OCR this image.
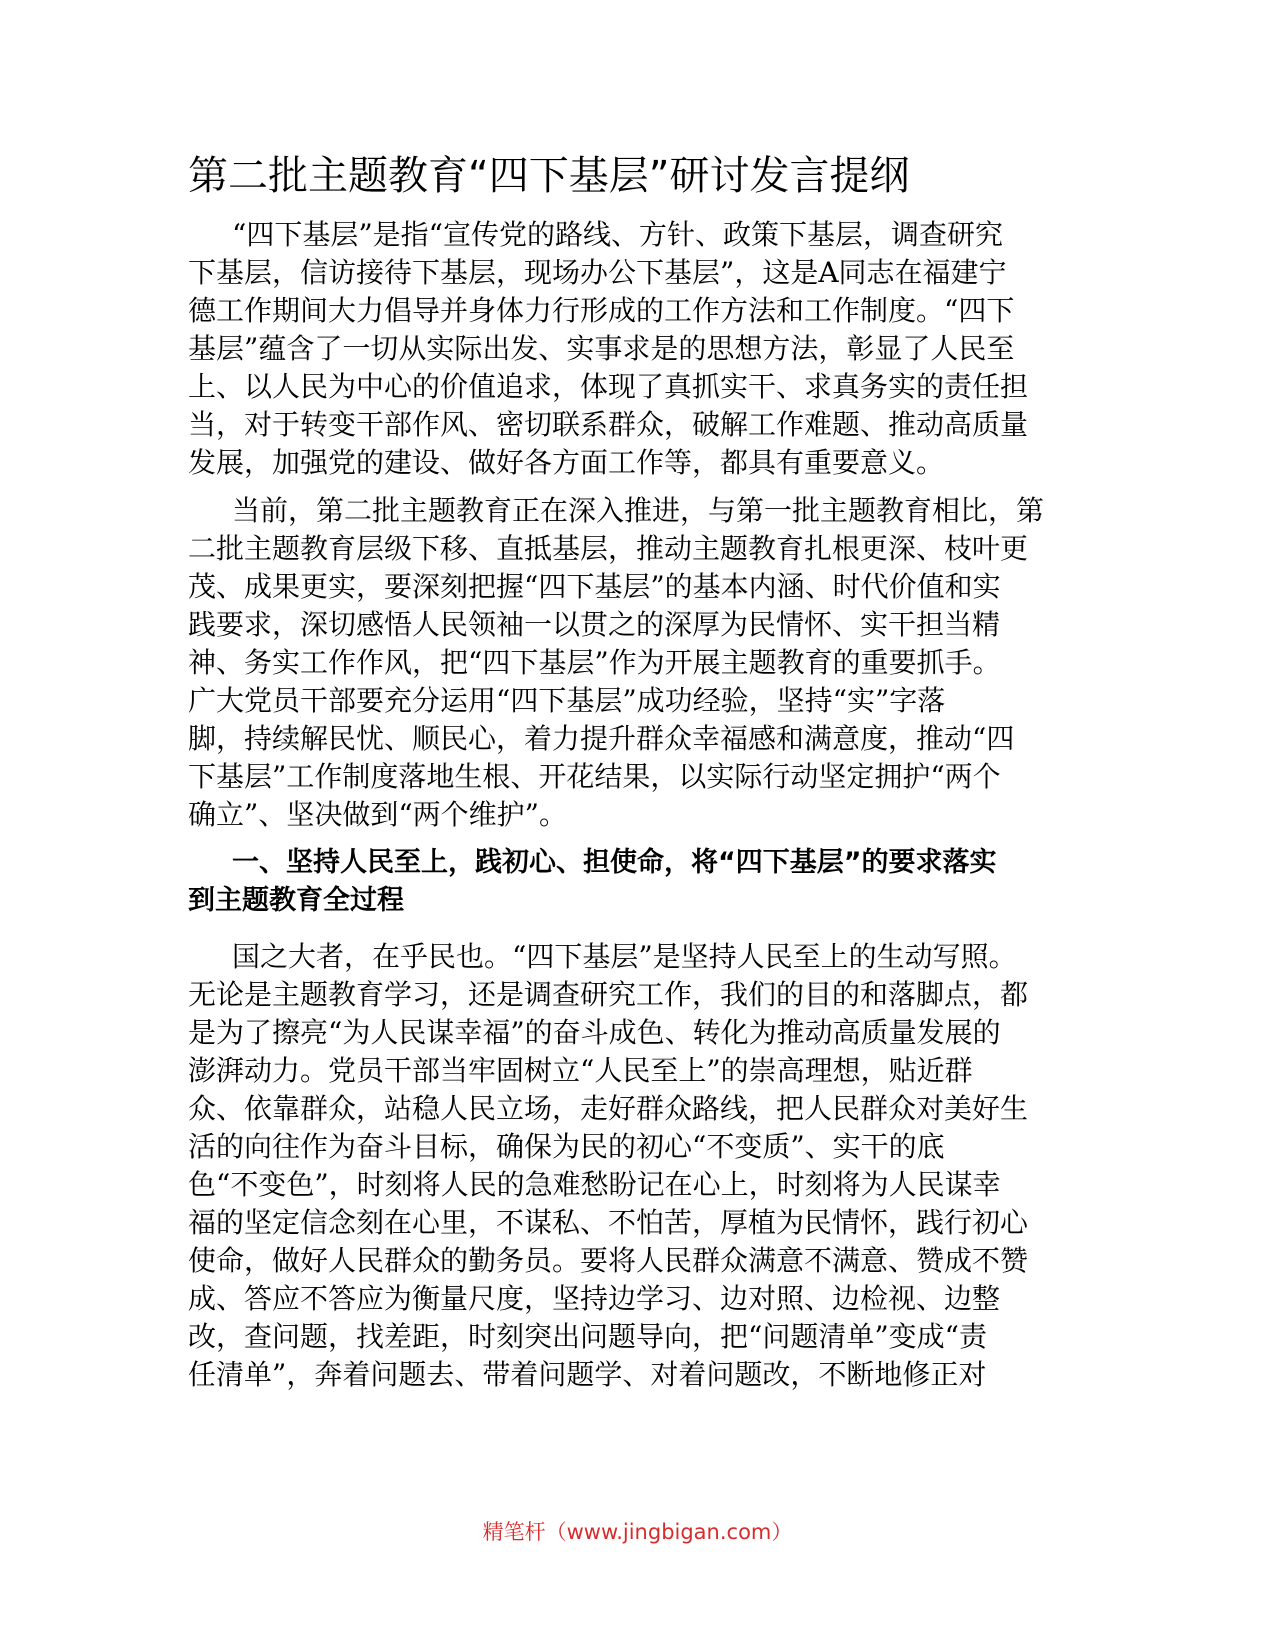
第二批主题教育“四下基层”研讨发言提纲
“四下基层”是指“宣传党的路线、方针、政策下基层，调查研究
下基层，信访接待下基层，现场办公下基层”，这是A同志在福建宁
德工作期间大力倡导并身体力行形成的工作方法和工作制度。“四下
基层”蕴含了一切从实际出发、实事求是的思想方法，彰显了人民至
上、以人民为中心的价值追求，体现了真抓实干、求真务实的责任担
当，对于转变干部作风、密切联系群众，破解工作难题、推动高质量
发展，加强党的建设、做好各方面工作等，都具有重要意义。
当前，第二批主题教育正在深入推进，与第一批主题教育相比，第
二批主题教育层级下移、直抵基层，推动主题教育扎根更深、枝叶更
茂、成果更实，要深刻把握“四下基层”的基本内涵、时代价值和实
践要求，深切感悟人民领袖一以贯之的深厚为民情怀、实干担当精
神、务实工作作风，把“四下基层”作为开展主题教育的重要抓手。
广大党员干部要充分运用“四下基层”成功经验，坚持“实”字落
脚，持续解民忧、顺民心，着力提升群众幸福感和满意度，推动“四
下基层”工作制度落地生根、开花结果，以实际行动坚定拥护“两个
确立”、坚决做到“两个维护”。
一、坚持人民至上，践初心、担使命，将“四下基层”的要求落实
到主题教育全过程
国之大者，在乎民也。“四下基层”是坚持人民至上的生动写照。
无论是主题教育学习，还是调查研究工作，我们的目的和落脚点，都
是为了擦亮“为人民谋幸福”的奋斗成色、转化为推动高质量发展的
澎湃动力。党员干部当牢固树立“人民至上”的崇高理想，贴近群
众、依靠群众，站稳人民立场，走好群众路线，把人民群众对美好生
活的向往作为奋斗目标，确保为民的初心“不变质”、实干的底
色“不变色”，时刻将人民的急难愁盼记在心上，时刻将为人民谋幸
福的坚定信念刻在心里，不谋私、不怕苦，厚植为民情怀，践行初心
使命，做好人民群众的勤务员。要将人民群众满意不满意、赞成不赞
成、答应不答应为衡量尺度，坚持边学习、边对照、边检视、边整
改，查问题，找差距，时刻突出问题导向，把“问题清单”变成“责
任清单”，奔着问题去、带着问题学、对着问题改，不断地修正对
精笔杆（www.jingbigan.com）
